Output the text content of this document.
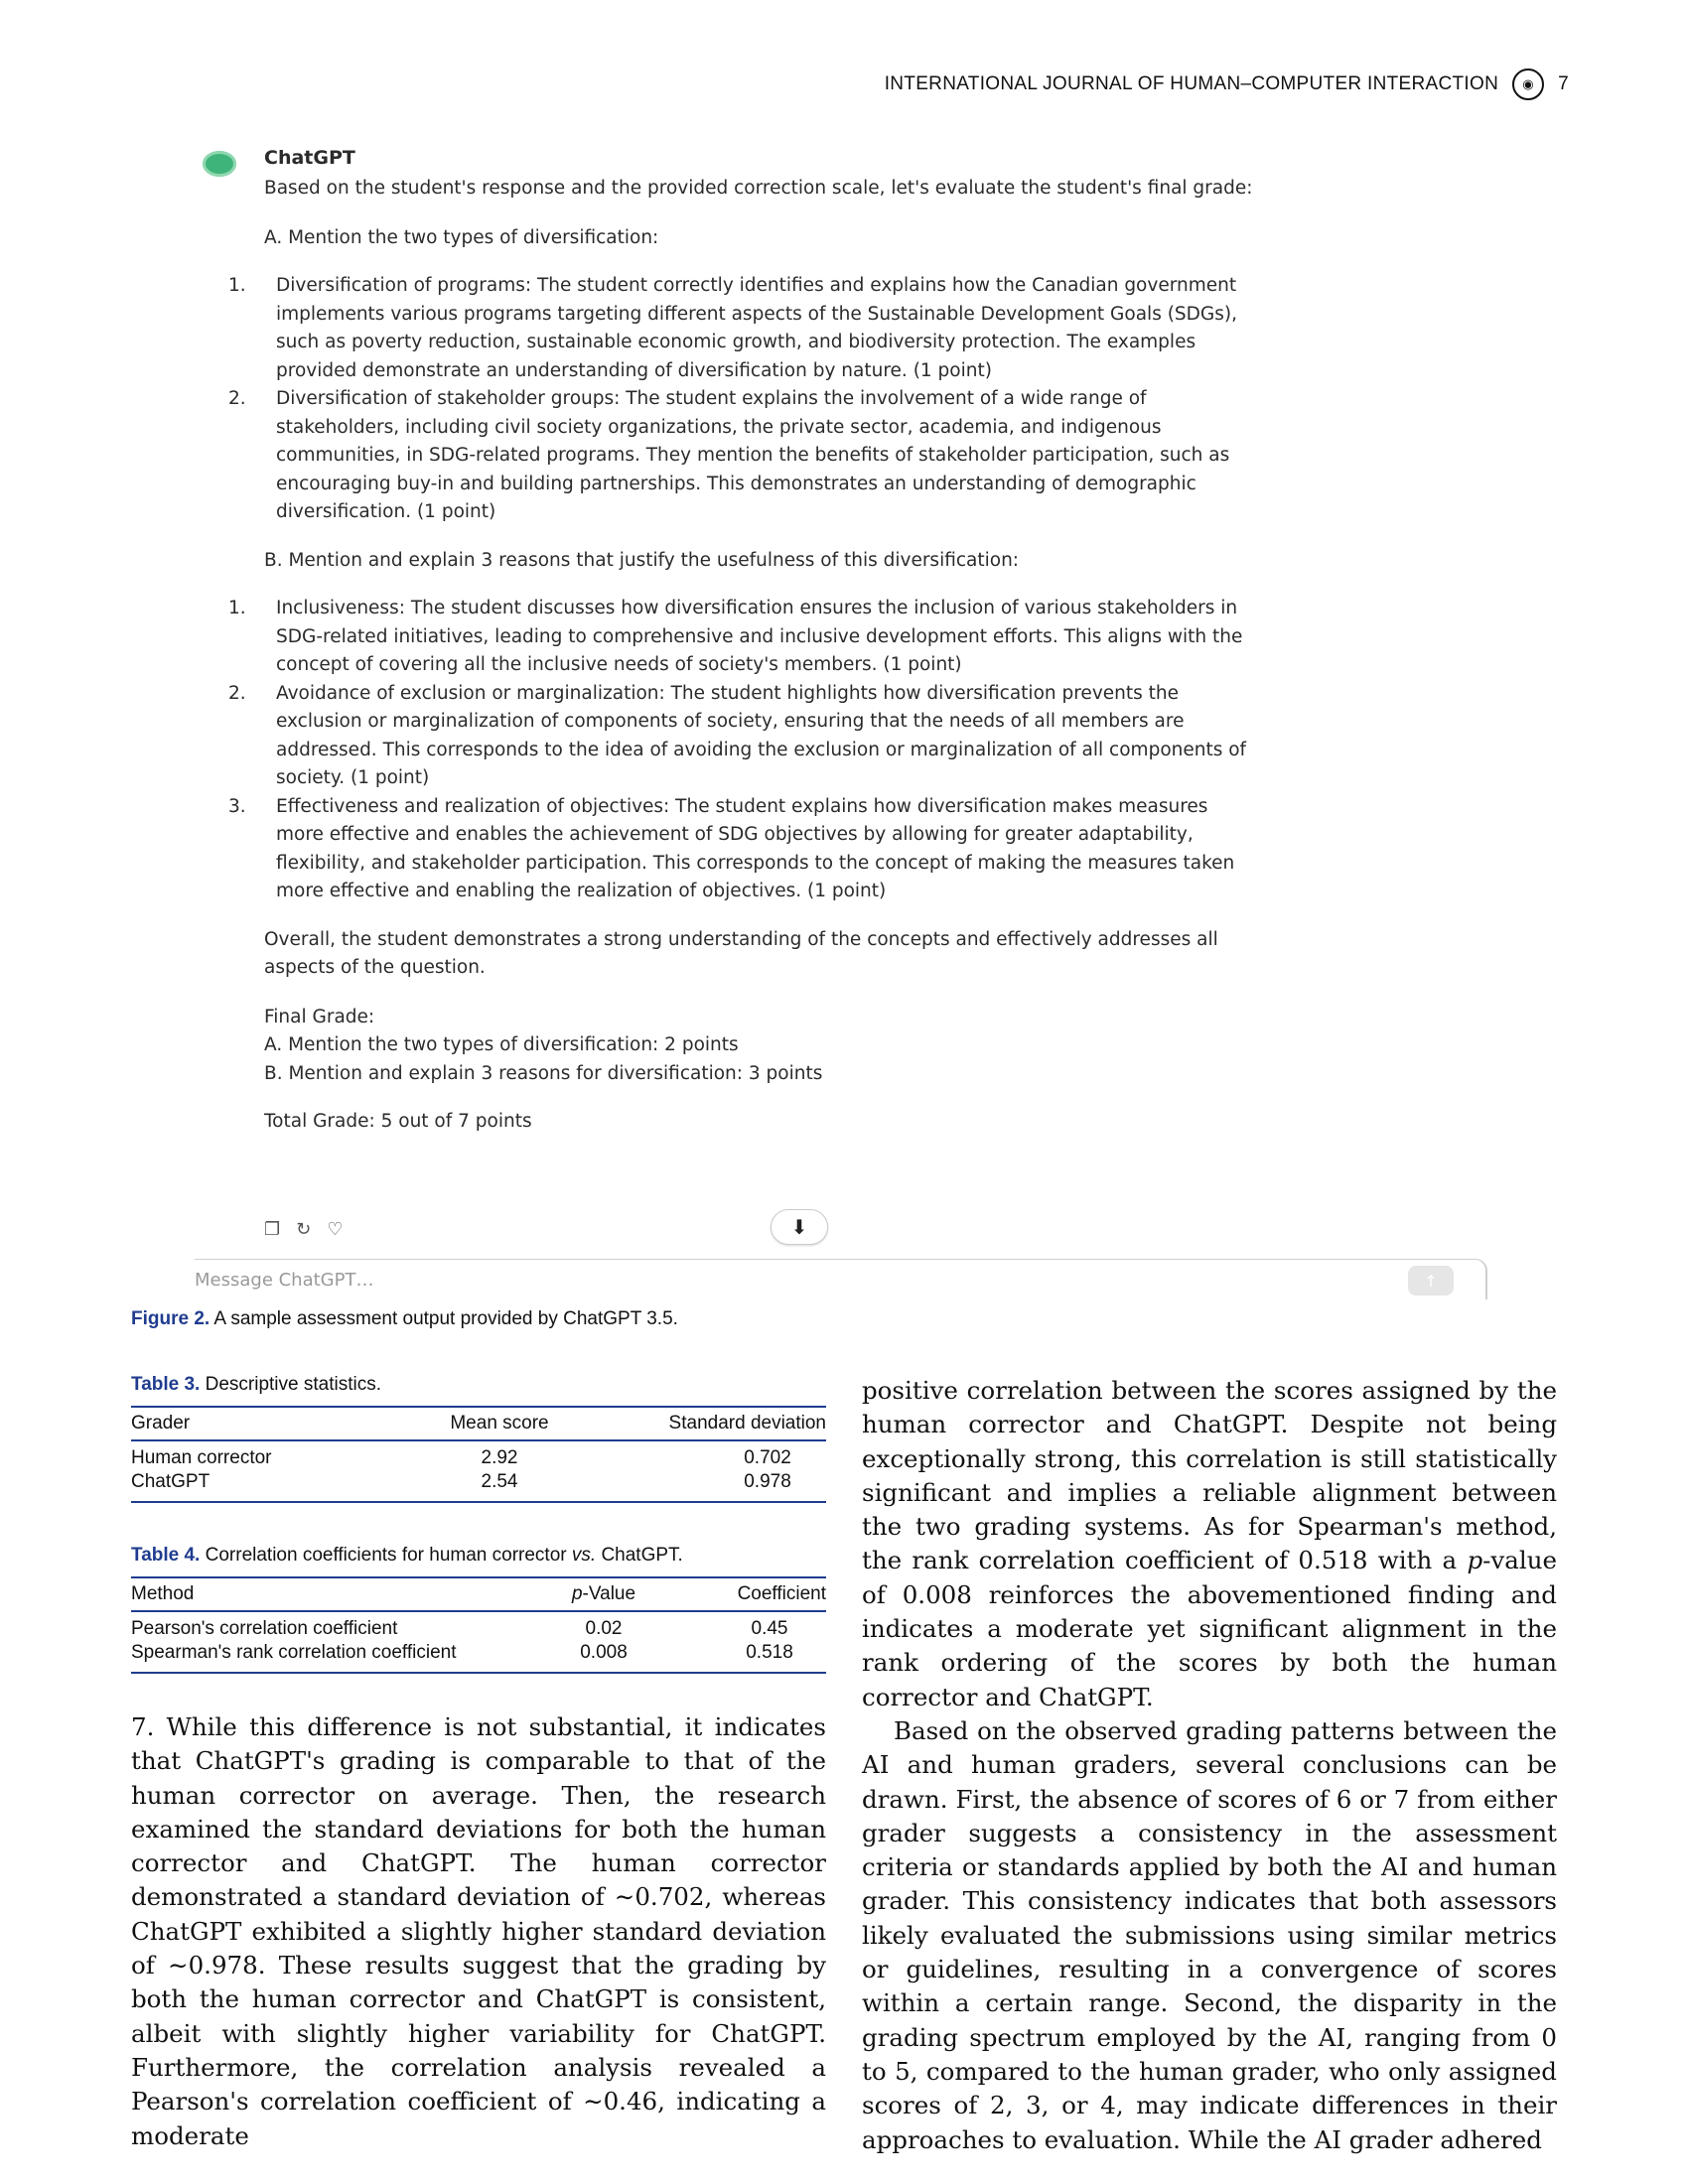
INTERNATIONAL JOURNAL OF HUMAN–COMPUTER INTERACTION	◉	7
ChatGPT

Based on the student's response and the provided correction scale, let's evaluate the student's final grade:

A. Mention the two types of diversification:
1. Diversification of programs: The student correctly identifies and explains how the Canadian government implements various programs targeting different aspects of the Sustainable Development Goals (SDGs), such as poverty reduction, sustainable economic growth, and biodiversity protection. The examples provided demonstrate an understanding of diversification by nature. (1 point)
2. Diversification of stakeholder groups: The student explains the involvement of a wide range of stakeholders, including civil society organizations, the private sector, academia, and indigenous communities, in SDG-related programs. They mention the benefits of stakeholder participation, such as encouraging buy-in and building partnerships. This demonstrates an understanding of demographic diversification. (1 point)
B. Mention and explain 3 reasons that justify the usefulness of this diversification:
1. Inclusiveness: The student discusses how diversification ensures the inclusion of various stakeholders in SDG-related initiatives, leading to comprehensive and inclusive development efforts. This aligns with the concept of covering all the inclusive needs of society's members. (1 point)
2. Avoidance of exclusion or marginalization: The student highlights how diversification prevents the exclusion or marginalization of components of society, ensuring that the needs of all members are addressed. This corresponds to the idea of avoiding the exclusion or marginalization of all components of society. (1 point)
3. Effectiveness and realization of objectives: The student explains how diversification makes measures more effective and enables the achievement of SDG objectives by allowing for greater adaptability, flexibility, and stakeholder participation. This corresponds to the concept of making the measures taken more effective and enabling the realization of objectives. (1 point)

Overall, the student demonstrates a strong understanding of the concepts and effectively addresses all aspects of the question.

Final Grade:
A. Mention the two types of diversification: 2 points
B. Mention and explain 3 reasons for diversification: 3 points
Total Grade: 5 out of 7 points
❐ ↻ ♡	⬇
Message ChatGPT…	↑
Figure 2. A sample assessment output provided by ChatGPT 3.5.
Table 3. Descriptive statistics.
Grader	Mean score	Standard deviation
Human corrector	2.92	0.702
ChatGPT	2.54	0.978
Table 4. Correlation coefficients for human corrector vs. ChatGPT.
Method	p-Value	Coefficient
Pearson's correlation coefficient	0.02	0.45
Spearman's rank correlation coefficient	0.008	0.518

7. While this difference is not substantial, it indicates that ChatGPT's grading is comparable to that of the human corrector on average. Then, the research examined the standard deviations for both the human corrector and ChatGPT. The human corrector demonstrated a standard deviation of ∼0.702, whereas ChatGPT exhibited a slightly higher standard deviation of ∼0.978. These results suggest that the grading by both the human corrector and ChatGPT is consistent, albeit with slightly higher variability for ChatGPT. Furthermore, the correlation analysis revealed a Pearson's correlation coefficient of ∼0.46, indicating a moderate

positive correlation between the scores assigned by the human corrector and ChatGPT. Despite not being exceptionally strong, this correlation is still statistically significant and implies a reliable alignment between the two grading systems. As for Spearman's method, the rank correlation coefficient of 0.518 with a p-value of 0.008 reinforces the abovementioned finding and indicates a moderate yet significant alignment in the rank ordering of the scores by both the human corrector and ChatGPT.

Based on the observed grading patterns between the AI and human graders, several conclusions can be drawn. First, the absence of scores of 6 or 7 from either grader suggests a consistency in the assessment criteria or standards applied by both the AI and human grader. This consistency indicates that both assessors likely evaluated the submissions using similar metrics or guidelines, resulting in a convergence of scores within a certain range. Second, the disparity in the grading spectrum employed by the AI, ranging from 0 to 5, compared to the human grader, who only assigned scores of 2, 3, or 4, may indicate differences in their approaches to evaluation. While the AI grader adhered
